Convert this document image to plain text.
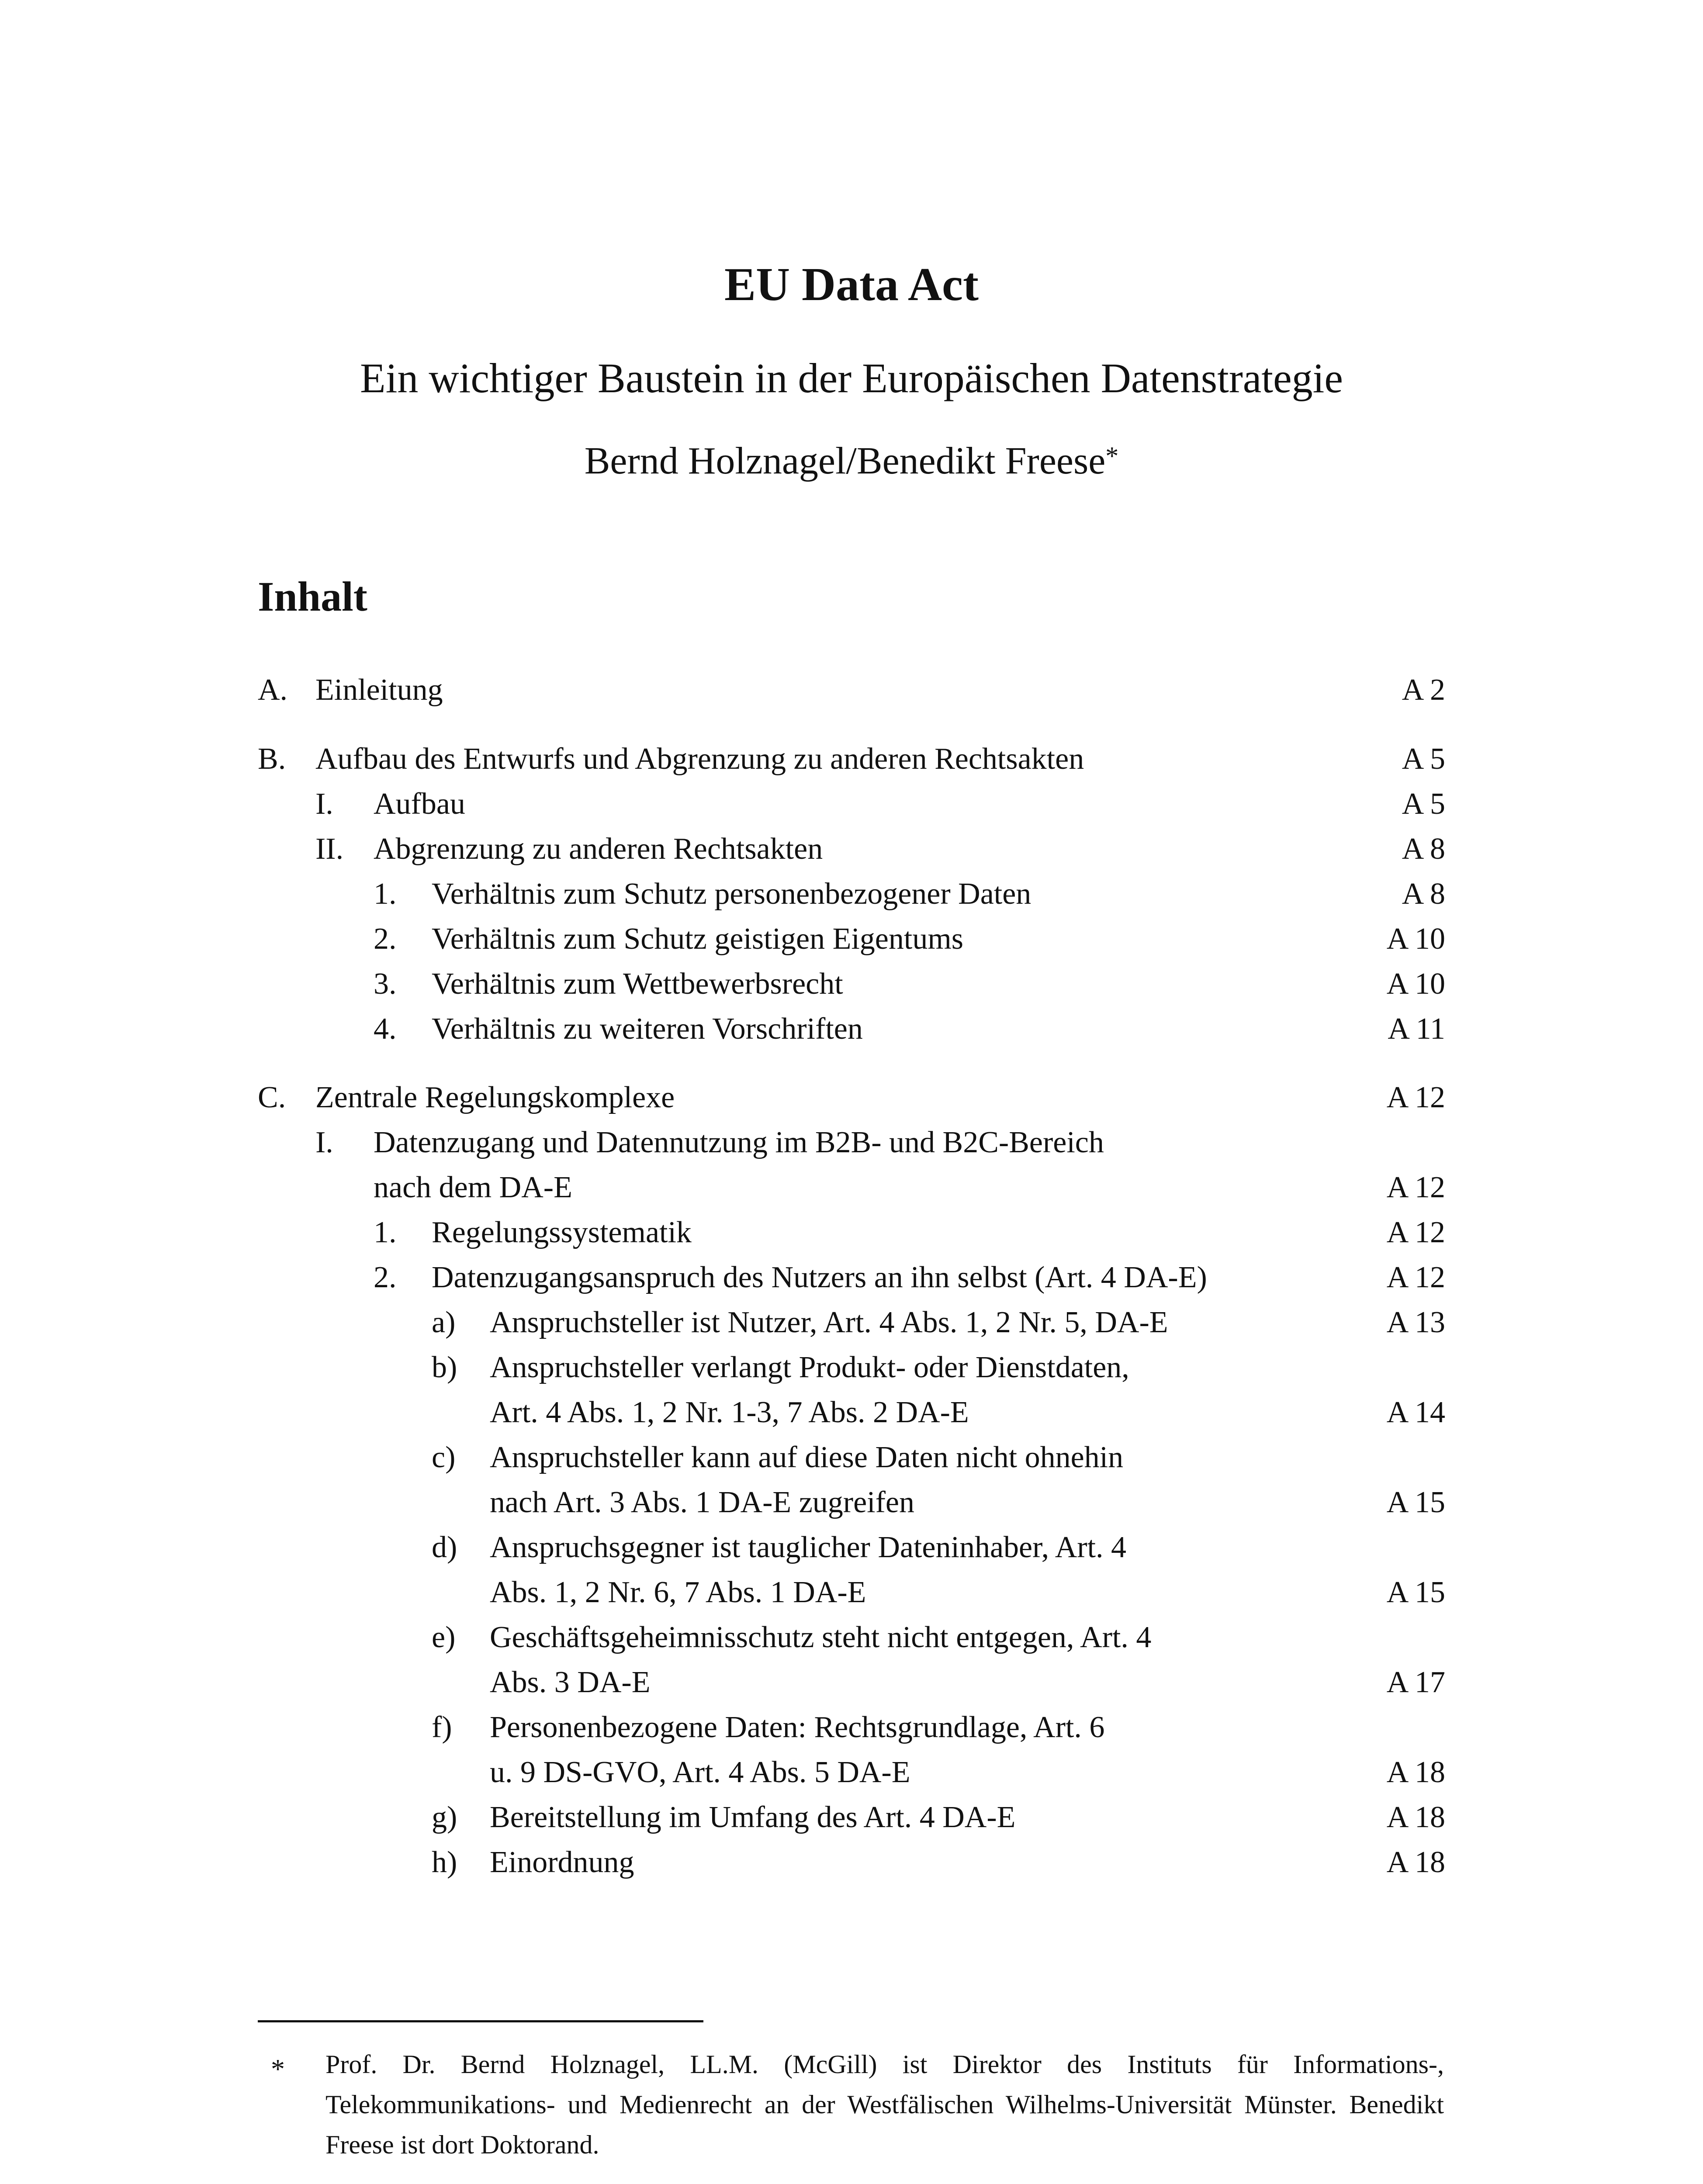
EU Data Act
Ein wichtiger Baustein in der Europäischen Datenstrategie
Bernd Holznagel/Benedikt Freese*
Inhalt
A. Einleitung	A 2
B. Aufbau des Entwurfs und Abgrenzung zu anderen Rechtsakten	A 5
I. Aufbau	A 5
II. Abgrenzung zu anderen Rechtsakten	A 8
1. Verhältnis zum Schutz personenbezogener Daten	A 8
2. Verhältnis zum Schutz geistigen Eigentums	A 10
3. Verhältnis zum Wettbewerbsrecht	A 10
4. Verhältnis zu weiteren Vorschriften	A 11
C. Zentrale Regelungskomplexe	A 12
I. Datenzugang und Datennutzung im B2B- und B2C-Bereich
nach dem DA-E	A 12
1. Regelungssystematik	A 12
2. Datenzugangsanspruch des Nutzers an ihn selbst (Art. 4 DA-E)	A 12
a) Anspruchsteller ist Nutzer, Art. 4 Abs. 1, 2 Nr. 5, DA-E	A 13
b) Anspruchsteller verlangt Produkt- oder Dienstdaten,
Art. 4 Abs. 1, 2 Nr. 1-3, 7 Abs. 2 DA-E	A 14
c) Anspruchsteller kann auf diese Daten nicht ohnehin
nach Art. 3 Abs. 1 DA-E zugreifen	A 15
d) Anspruchsgegner ist tauglicher Dateninhaber, Art. 4
Abs. 1, 2 Nr. 6, 7 Abs. 1 DA-E	A 15
e) Geschäftsgeheimnisschutz steht nicht entgegen, Art. 4
Abs. 3 DA-E	A 17
f) Personenbezogene Daten: Rechtsgrundlage, Art. 6
u. 9 DS-GVO, Art. 4 Abs. 5 DA-E	A 18
g) Bereitstellung im Umfang des Art. 4 DA-E	A 18
h) Einordnung	A 18
* Prof. Dr. Bernd Holznagel, LL.M. (McGill) ist Direktor des Instituts für Informations-, Telekommunikations- und Medienrecht an der Westfälischen Wilhelms-Universität Münster. Benedikt Freese ist dort Doktorand.
